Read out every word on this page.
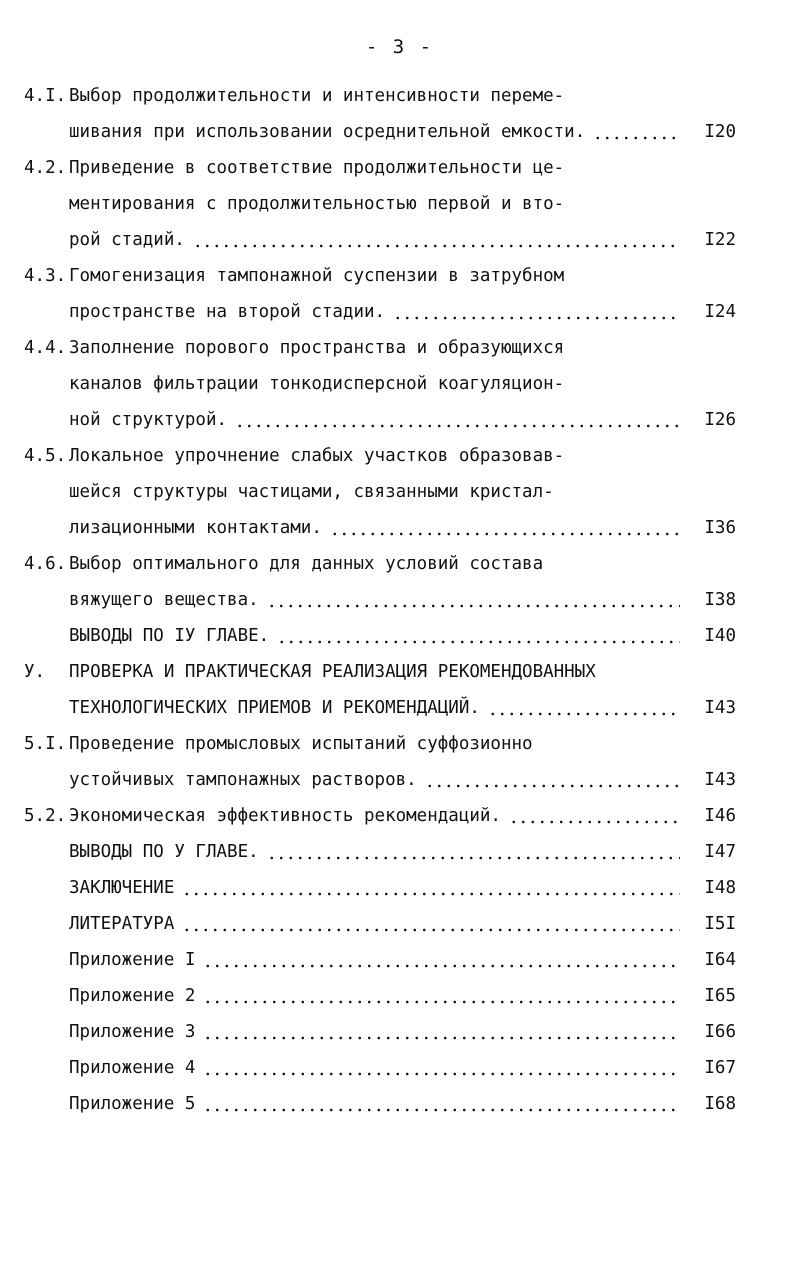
- 3 -
4.I. Выбор продолжительности и интенсивности переме-
шивания при использовании осреднительной емкости.	I20
4.2. Приведение в соответствие продолжительности це-
ментирования с продолжительностью первой и вто-
рой стадий.	I22
4.3. Гомогенизация тампонажной суспензии в затрубном
пространстве на второй стадии.	I24
4.4. Заполнение порового пространства и образующихся
каналов фильтрации тонкодисперсной коагуляцион-
ной структурой.	I26
4.5. Локальное упрочнение слабых участков образовав-
шейся структуры частицами, связанными кристал-
лизационными контактами.	I36
4.6. Выбор оптимального для данных условий состава
вяжущего вещества.	I38
ВЫВОДЫ ПО IУ ГЛАВЕ.	I40
У. ПРОВЕРКА И ПРАКТИЧЕСКАЯ РЕАЛИЗАЦИЯ РЕКОМЕНДОВАННЫХ
ТЕХНОЛОГИЧЕСКИХ ПРИЕМОВ И РЕКОМЕНДАЦИЙ.	I43
5.I. Проведение промысловых испытаний суффозионно
устойчивых тампонажных растворов.	I43
5.2. Экономическая эффективность рекомендаций.	I46
ВЫВОДЫ ПО У ГЛАВЕ.	I47
ЗАКЛЮЧЕНИЕ	I48
ЛИТЕРАТУРА	I5I
Приложение I	I64
Приложение 2	I65
Приложение 3	I66
Приложение 4	I67
Приложение 5	I68
